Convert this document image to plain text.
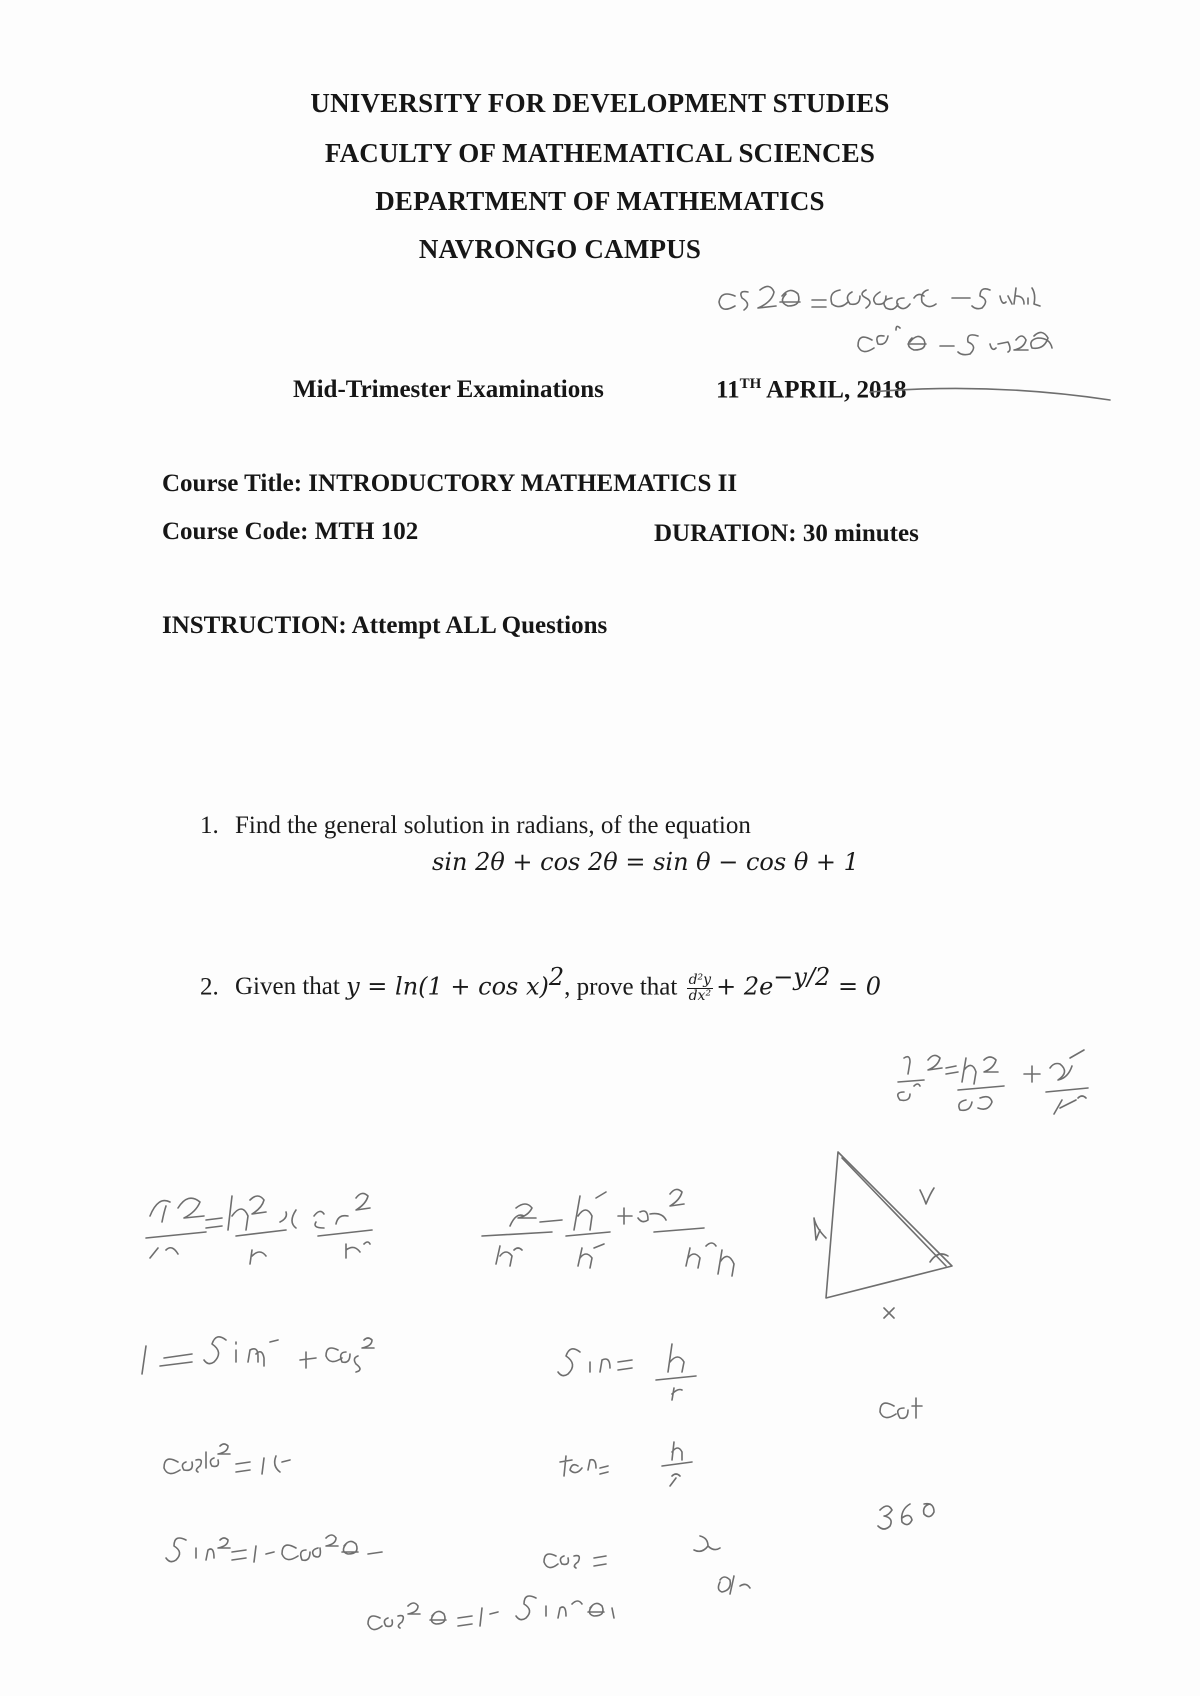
UNIVERSITY FOR DEVELOPMENT STUDIES
FACULTY OF MATHEMATICAL SCIENCES
DEPARTMENT OF MATHEMATICS
NAVRONGO CAMPUS
Mid-Trimester Examinations	11TH APRIL, 2018
Course Title: INTRODUCTORY MATHEMATICS II
Course Code: MTH 102	DURATION: 30 minutes
INSTRUCTION: Attempt ALL Questions
1. Find the general solution in radians, of the equation
sin 2θ + cos 2θ = sin θ − cos θ + 1
2. Given that $y = \ln(1 + \cos x)^2$, prove that $\frac{\text{d²y}}{\text{dx²}} + 2e^{-y/2} = 0$
